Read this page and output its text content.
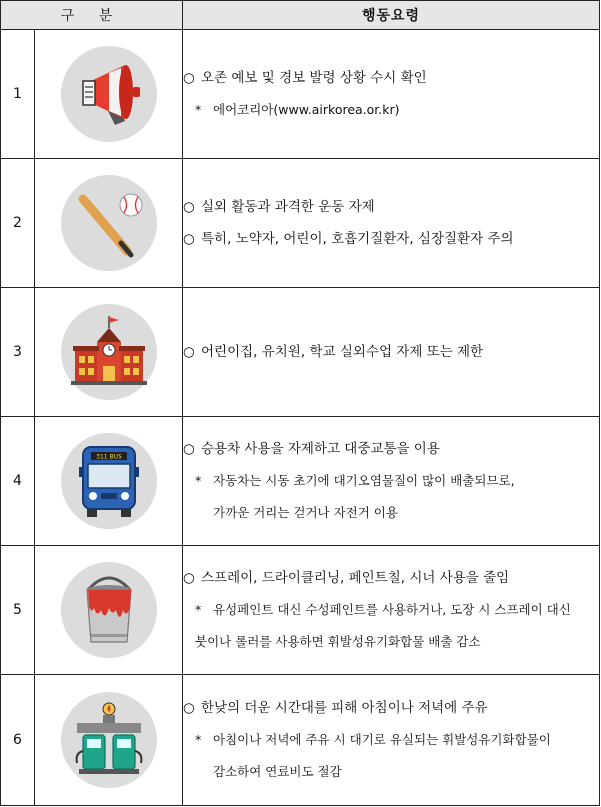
구 분		행동요령
1		○ 오존 예보 및 경보 발령 상황 수시 확인
* 에어코리아(www.airkorea.or.kr)

2		○ 실외 활동과 과격한 운동 자제
○ 특히, 노약자, 어린이, 호흡기질환자, 심장질환자 주의

3		○ 어린이집, 유치원, 학교 실외수업 자제 또는 제한

4	311 BUS	○ 승용차 사용을 자제하고 대중교통을 이용
* 자동차는 시동 초기에 대기오염물질이 많이 배출되므로,
가까운 거리는 걷거나 자전거 이용

5		○ 스프레이, 드라이클리닝, 페인트칠, 시너 사용을 줄임
* 유성페인트 대신 수성페인트를 사용하거나, 도장 시 스프레이 대신
붓이나 롤러를 사용하면 휘발성유기화합물 배출 감소

6		○ 한낮의 더운 시간대를 피해 아침이나 저녁에 주유
* 아침이나 저녁에 주유 시 대기로 유실되는 휘발성유기화합물이
감소하여 연료비도 절감
